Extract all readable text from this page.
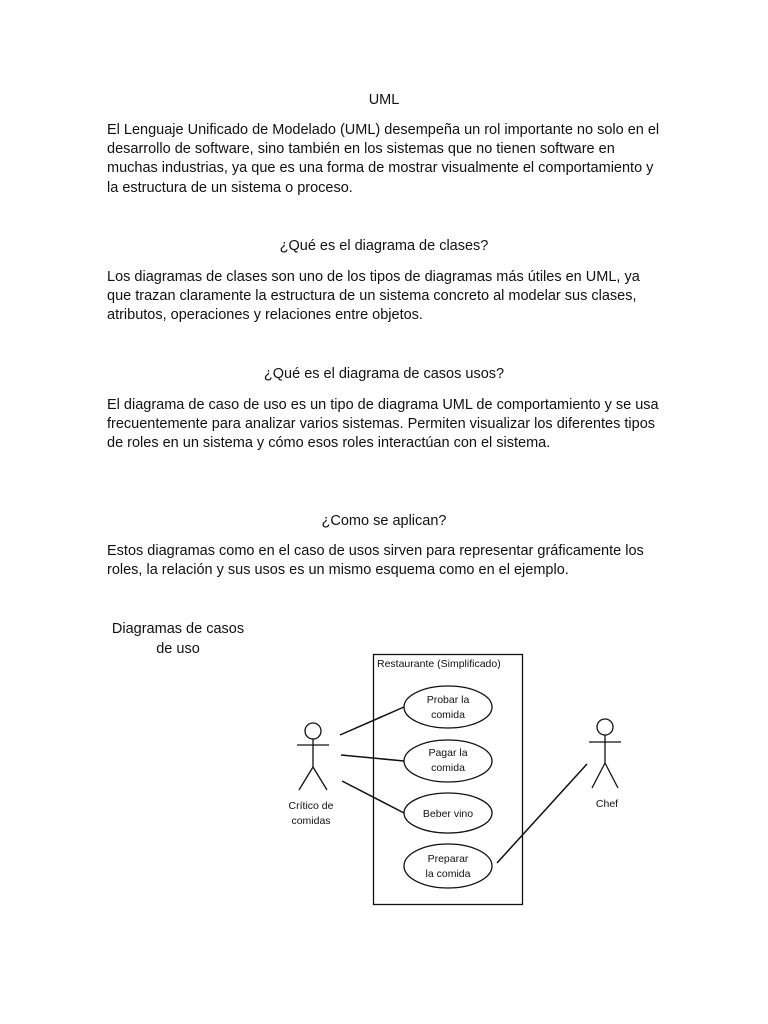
UML

El Lenguaje Unificado de Modelado (UML) desempeña un rol importante no solo en el desarrollo de software, sino también en los sistemas que no tienen software en muchas industrias, ya que es una forma de mostrar visualmente el comportamiento y la estructura de un sistema o proceso.

¿Qué es el diagrama de clases?

Los diagramas de clases son uno de los tipos de diagramas más útiles en UML, ya que trazan claramente la estructura de un sistema concreto al modelar sus clases, atributos, operaciones y relaciones entre objetos.

¿Qué es el diagrama de casos usos?

El diagrama de caso de uso es un tipo de diagrama UML de comportamiento y se usa frecuentemente para analizar varios sistemas. Permiten visualizar los diferentes tipos de roles en un sistema y cómo esos roles interactúan con el sistema.

¿Como se aplican?

Estos diagramas como en el caso de usos sirven para representar gráficamente los roles, la relación y sus usos es un mismo esquema como en el ejemplo.

Diagramas de casos
de uso
Restaurante (Simplificado)
Crítico de
comidas
Chef
Probar la
comida
Pagar la
comida
Beber vino
Preparar
la comida
